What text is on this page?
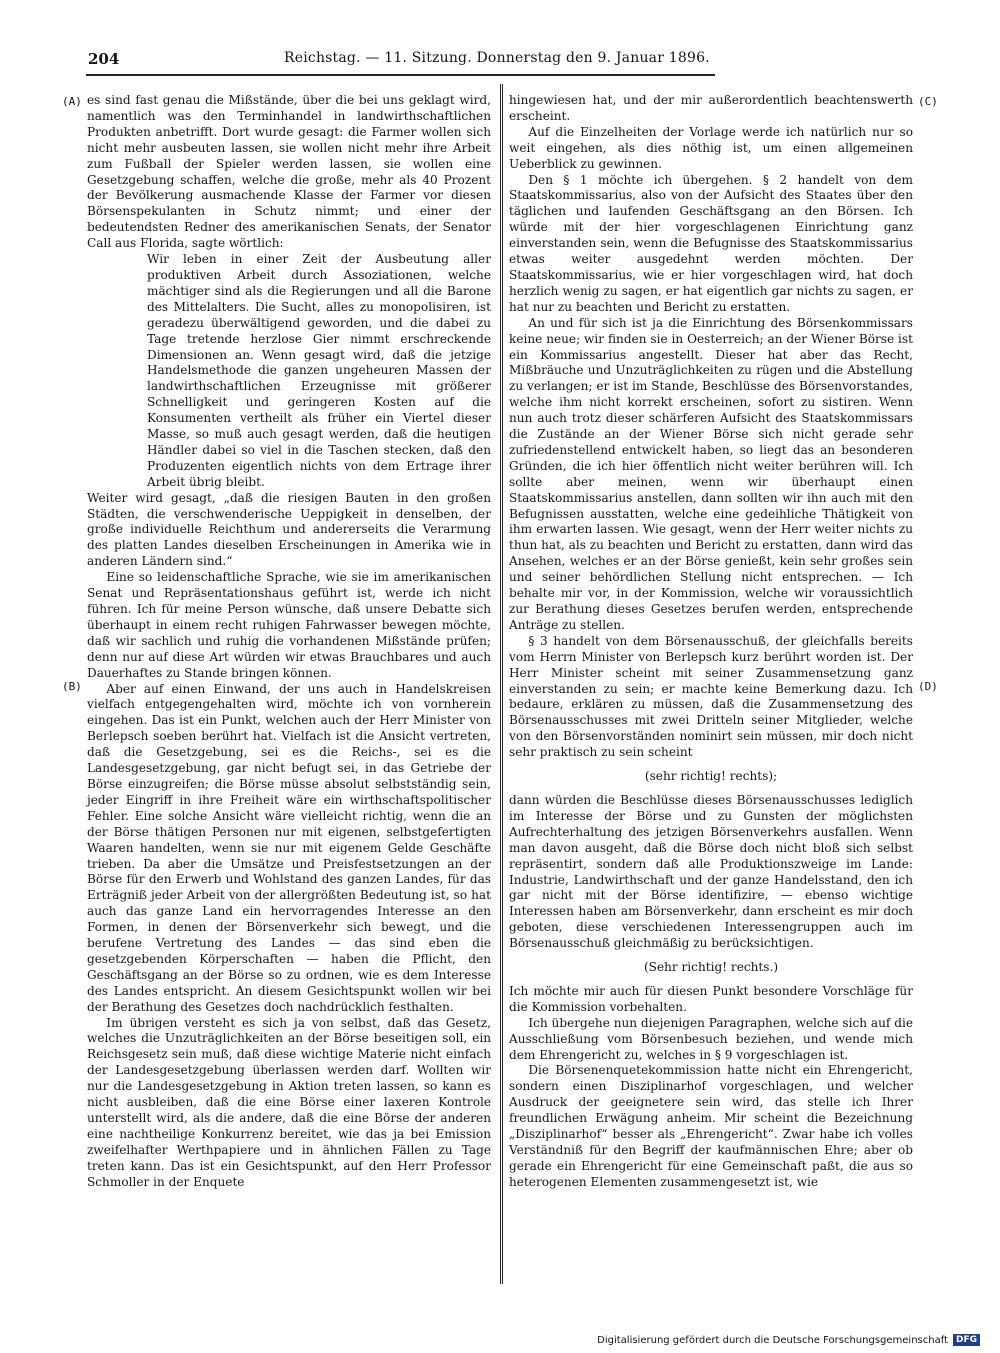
204	Reichstag. — 11. Sitzung. Donnerstag den 9. Januar 1896.
(A)
(B)
(C)
(D)

es sind fast genau die Mißstände, über die bei uns geklagt wird, namentlich was den Terminhandel in landwirthschaftlichen Produkten anbetrifft. Dort wurde gesagt: die Farmer wollen sich nicht mehr ausbeuten lassen, sie wollen nicht mehr ihre Arbeit zum Fußball der Spieler werden lassen, sie wollen eine Gesetzgebung schaffen, welche die große, mehr als 40 Prozent der Bevölkerung ausmachende Klasse der Farmer vor diesen Börsenspekulanten in Schutz nimmt; und einer der bedeutendsten Redner des amerikanischen Senats, der Senator Call aus Florida, sagte wörtlich:

Wir leben in einer Zeit der Ausbeutung aller produktiven Arbeit durch Assoziationen, welche mächtiger sind als die Regierungen und all die Barone des Mittelalters. Die Sucht, alles zu monopolisiren, ist geradezu überwältigend geworden, und die dabei zu Tage tretende herzlose Gier nimmt erschreckende Dimensionen an. Wenn gesagt wird, daß die jetzige Handelsmethode die ganzen ungeheuren Massen der landwirthschaftlichen Erzeugnisse mit größerer Schnelligkeit und geringeren Kosten auf die Konsumenten vertheilt als früher ein Viertel dieser Masse, so muß auch gesagt werden, daß die heutigen Händler dabei so viel in die Taschen stecken, daß den Produzenten eigentlich nichts von dem Ertrage ihrer Arbeit übrig bleibt.

Weiter wird gesagt, „daß die riesigen Bauten in den großen Städten, die verschwenderische Ueppigkeit in denselben, der große individuelle Reichthum und andererseits die Verarmung des platten Landes dieselben Erscheinungen in Amerika wie in anderen Ländern sind.“

Eine so leidenschaftliche Sprache, wie sie im amerikanischen Senat und Repräsentationshaus geführt ist, werde ich nicht führen. Ich für meine Person wünsche, daß unsere Debatte sich überhaupt in einem recht ruhigen Fahrwasser bewegen möchte, daß wir sachlich und ruhig die vorhandenen Mißstände prüfen; denn nur auf diese Art würden wir etwas Brauchbares und auch Dauerhaftes zu Stande bringen können.

Aber auf einen Einwand, der uns auch in Handelskreisen vielfach entgegengehalten wird, möchte ich von vornherein eingehen. Das ist ein Punkt, welchen auch der Herr Minister von Berlepsch soeben berührt hat. Vielfach ist die Ansicht vertreten, daß die Gesetzgebung, sei es die Reichs-, sei es die Landesgesetzgebung, gar nicht befugt sei, in das Getriebe der Börse einzugreifen; die Börse müsse absolut selbstständig sein, jeder Eingriff in ihre Freiheit wäre ein wirthschaftspolitischer Fehler. Eine solche Ansicht wäre vielleicht richtig, wenn die an der Börse thätigen Personen nur mit eigenen, selbstgefertigten Waaren handelten, wenn sie nur mit eigenem Gelde Geschäfte trieben. Da aber die Umsätze und Preisfestsetzungen an der Börse für den Erwerb und Wohlstand des ganzen Landes, für das Erträgniß jeder Arbeit von der allergrößten Bedeutung ist, so hat auch das ganze Land ein hervorragendes Interesse an den Formen, in denen der Börsenverkehr sich bewegt, und die berufene Vertretung des Landes — das sind eben die gesetzgebenden Körperschaften — haben die Pflicht, den Geschäftsgang an der Börse so zu ordnen, wie es dem Interesse des Landes entspricht. An diesem Gesichtspunkt wollen wir bei der Berathung des Gesetzes doch nachdrücklich festhalten.

Im übrigen versteht es sich ja von selbst, daß das Gesetz, welches die Unzuträglichkeiten an der Börse beseitigen soll, ein Reichsgesetz sein muß, daß diese wichtige Materie nicht einfach der Landesgesetzgebung überlassen werden darf. Wollten wir nur die Landesgesetzgebung in Aktion treten lassen, so kann es nicht ausbleiben, daß die eine Börse einer laxeren Kontrole unterstellt wird, als die andere, daß die eine Börse der anderen eine nachtheilige Konkurrenz bereitet, wie das ja bei Emission zweifelhafter Werthpapiere und in ähnlichen Fällen zu Tage treten kann. Das ist ein Gesichtspunkt, auf den Herr Professor Schmoller in der Enquete

hingewiesen hat, und der mir außerordentlich beachtenswerth erscheint.

Auf die Einzelheiten der Vorlage werde ich natürlich nur so weit eingehen, als dies nöthig ist, um einen allgemeinen Ueberblick zu gewinnen.

Den § 1 möchte ich übergehen. § 2 handelt von dem Staatskommissarius, also von der Aufsicht des Staates über den täglichen und laufenden Geschäftsgang an den Börsen. Ich würde mit der hier vorgeschlagenen Einrichtung ganz einverstanden sein, wenn die Befugnisse des Staatskommissarius etwas weiter ausgedehnt werden möchten. Der Staatskommissarius, wie er hier vorgeschlagen wird, hat doch herzlich wenig zu sagen, er hat eigentlich gar nichts zu sagen, er hat nur zu beachten und Bericht zu erstatten.

An und für sich ist ja die Einrichtung des Börsenkommissars keine neue; wir finden sie in Oesterreich; an der Wiener Börse ist ein Kommissarius angestellt. Dieser hat aber das Recht, Mißbräuche und Unzuträglichkeiten zu rügen und die Abstellung zu verlangen; er ist im Stande, Beschlüsse des Börsenvorstandes, welche ihm nicht korrekt erscheinen, sofort zu sistiren. Wenn nun auch trotz dieser schärferen Aufsicht des Staatskommissars die Zustände an der Wiener Börse sich nicht gerade sehr zufriedenstellend entwickelt haben, so liegt das an besonderen Gründen, die ich hier öffentlich nicht weiter berühren will. Ich sollte aber meinen, wenn wir überhaupt einen Staatskommissarius anstellen, dann sollten wir ihn auch mit den Befugnissen ausstatten, welche eine gedeihliche Thätigkeit von ihm erwarten lassen. Wie gesagt, wenn der Herr weiter nichts zu thun hat, als zu beachten und Bericht zu erstatten, dann wird das Ansehen, welches er an der Börse genießt, kein sehr großes sein und seiner behördlichen Stellung nicht entsprechen. — Ich behalte mir vor, in der Kommission, welche wir voraussichtlich zur Berathung dieses Gesetzes berufen werden, entsprechende Anträge zu stellen.

§ 3 handelt von dem Börsenausschuß, der gleichfalls bereits vom Herrn Minister von Berlepsch kurz berührt worden ist. Der Herr Minister scheint mit seiner Zusammensetzung ganz einverstanden zu sein; er machte keine Bemerkung dazu. Ich bedaure, erklären zu müssen, daß die Zusammensetzung des Börsenausschusses mit zwei Dritteln seiner Mitglieder, welche von den Börsenvorständen nominirt sein müssen, mir doch nicht sehr praktisch zu sein scheint

(sehr richtig! rechts);

dann würden die Beschlüsse dieses Börsenausschusses lediglich im Interesse der Börse und zu Gunsten der möglichsten Aufrechterhaltung des jetzigen Börsenverkehrs ausfallen. Wenn man davon ausgeht, daß die Börse doch nicht bloß sich selbst repräsentirt, sondern daß alle Produktionszweige im Lande: Industrie, Landwirthschaft und der ganze Handelsstand, den ich gar nicht mit der Börse identifizire, — ebenso wichtige Interessen haben am Börsenverkehr, dann erscheint es mir doch geboten, diese verschiedenen Interessengruppen auch im Börsenausschuß gleichmäßig zu berücksichtigen.

(Sehr richtig! rechts.)

Ich möchte mir auch für diesen Punkt besondere Vorschläge für die Kommission vorbehalten.

Ich übergehe nun diejenigen Paragraphen, welche sich auf die Ausschließung vom Börsenbesuch beziehen, und wende mich dem Ehrengericht zu, welches in § 9 vorgeschlagen ist.

Die Börsenenquetekommission hatte nicht ein Ehrengericht, sondern einen Disziplinarhof vorgeschlagen, und welcher Ausdruck der geeignetere sein wird, das stelle ich Ihrer freundlichen Erwägung anheim. Mir scheint die Bezeichnung „Disziplinarhof“ besser als „Ehrengericht“. Zwar habe ich volles Verständniß für den Begriff der kaufmännischen Ehre; aber ob gerade ein Ehrengericht für eine Gemeinschaft paßt, die aus so heterogenen Elementen zusammengesetzt ist, wie

Digitalisierung gefördert durch die Deutsche Forschungsgemeinschaft DFG
